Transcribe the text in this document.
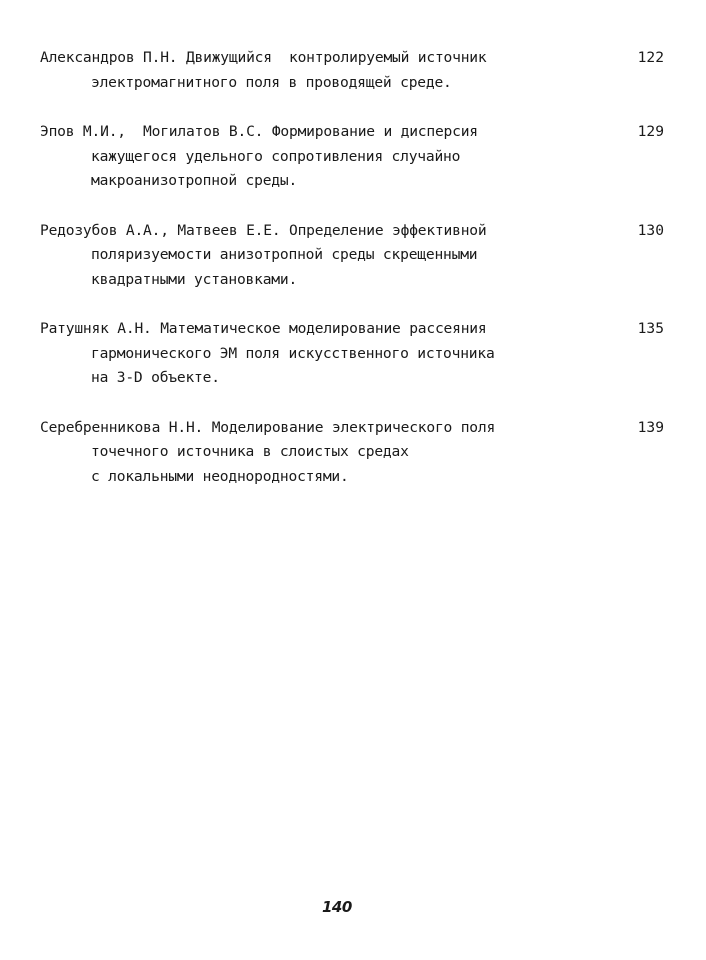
Александров П.Н. Движущийся  контролируемый источник
электромагнитного поля в проводящей среде.
122
Эпов М.И.,  Могилатов В.С. Формирование и дисперсия
кажущегося удельного сопротивления случайно
макроанизотропной среды.
129
Редозубов А.А., Матвеев Е.Е. Определение эффективной
поляризуемости анизотропной среды скрещенными
квадратными установками.
130
Ратушняк А.Н. Математическое моделирование рассеяния
гармонического ЭМ поля искусственного источника
на 3-D объекте.
135
Серебренникова Н.Н. Моделирование электрического поля
точечного источника в слоистых средах
с локальными неоднородностями.
139
140
